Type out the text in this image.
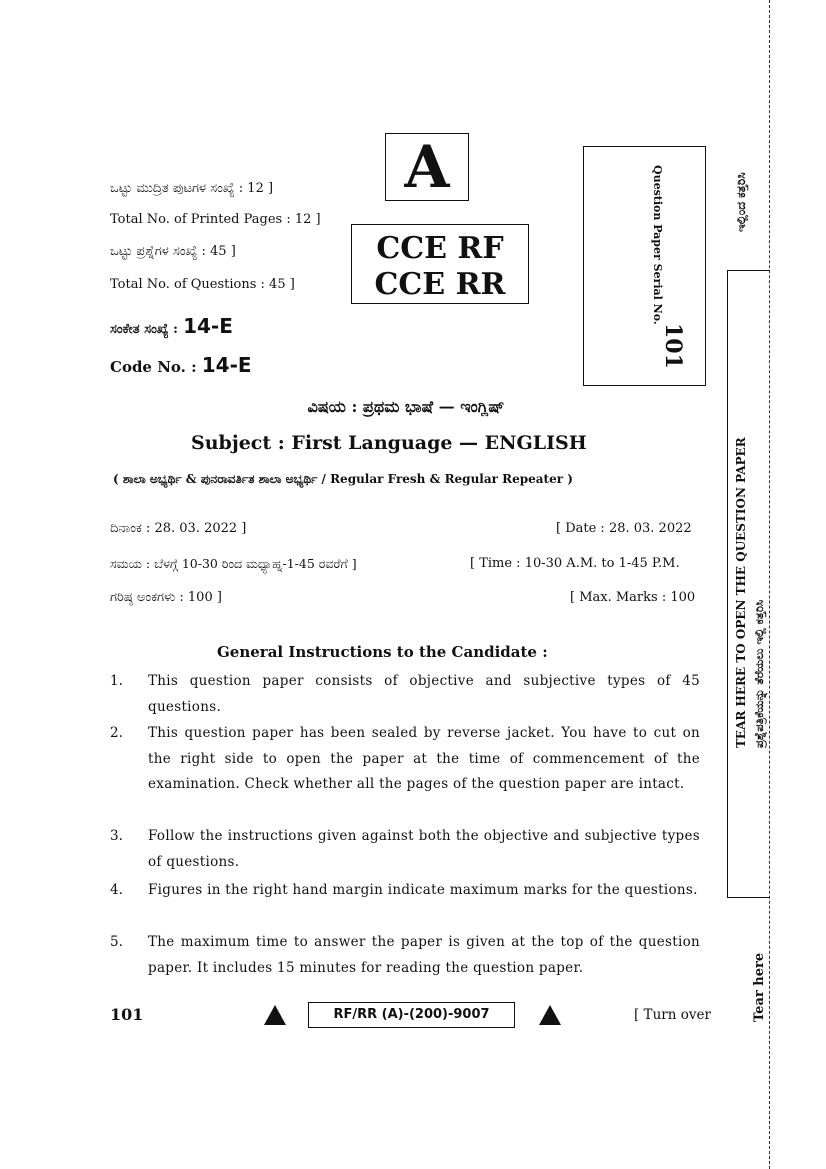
ಒಟ್ಟು ಮುದ್ರಿತ ಪುಟಗಳ ಸಂಖ್ಯೆ : 12 ]
Total No. of Printed Pages : 12 ]
ಒಟ್ಟು ಪ್ರಶ್ನೆಗಳ ಸಂಖ್ಯೆ : 45 ]
Total No. of Questions : 45 ]
ಸಂಕೇತ ಸಂಖ್ಯೆ : 14-E
Code No. : 14-E
A
CCE RF
CCE RR	Question Paper Serial No.
101
ವಿಷಯ : ಪ್ರಥಮ ಭಾಷೆ — ಇಂಗ್ಲಿಷ್
Subject : First Language — ENGLISH
( ಶಾಲಾ ಅಭ್ಯರ್ಥಿ & ಪುನರಾವರ್ತಿತ ಶಾಲಾ ಅಭ್ಯರ್ಥಿ / Regular Fresh & Regular Repeater )
ದಿನಾಂಕ : 28. 03. 2022 ]	[ Date : 28. 03. 2022
ಸಮಯ : ಬೆಳಗ್ಗೆ 10-30 ರಿಂದ ಮಧ್ಯಾಹ್ನ-1-45 ರವರೆಗೆ ]	[ Time : 10-30 A.M. to 1-45 P.M.
ಗರಿಷ್ಠ ಅಂಕಗಳು : 100 ]	[ Max. Marks : 100
General Instructions to the Candidate :
1.	This question paper consists of objective and subjective types of 45 questions.
2.	This question paper has been sealed by reverse jacket. You have to cut on the right side to open the paper at the time of commencement of the examination. Check whether all the pages of the question paper are intact.
3.	Follow the instructions given against both the objective and subjective types of questions.
4.	Figures in the right hand margin indicate maximum marks for the questions.
5.	The maximum time to answer the paper is given at the top of the question paper. It includes 15 minutes for reading the question paper.
101	RF/RR (A)-(200)-9007	[ Turn over
ಇಲ್ಲಿಂದ ಕತ್ತರಿಸಿ
TEAR HERE TO OPEN THE QUESTION PAPER ಪ್ರಶ್ನೆಪತ್ರಿಕೆಯನ್ನು ತೆರೆಯಲು ಇಲ್ಲಿ ಕತ್ತರಿಸಿ
Tear here
